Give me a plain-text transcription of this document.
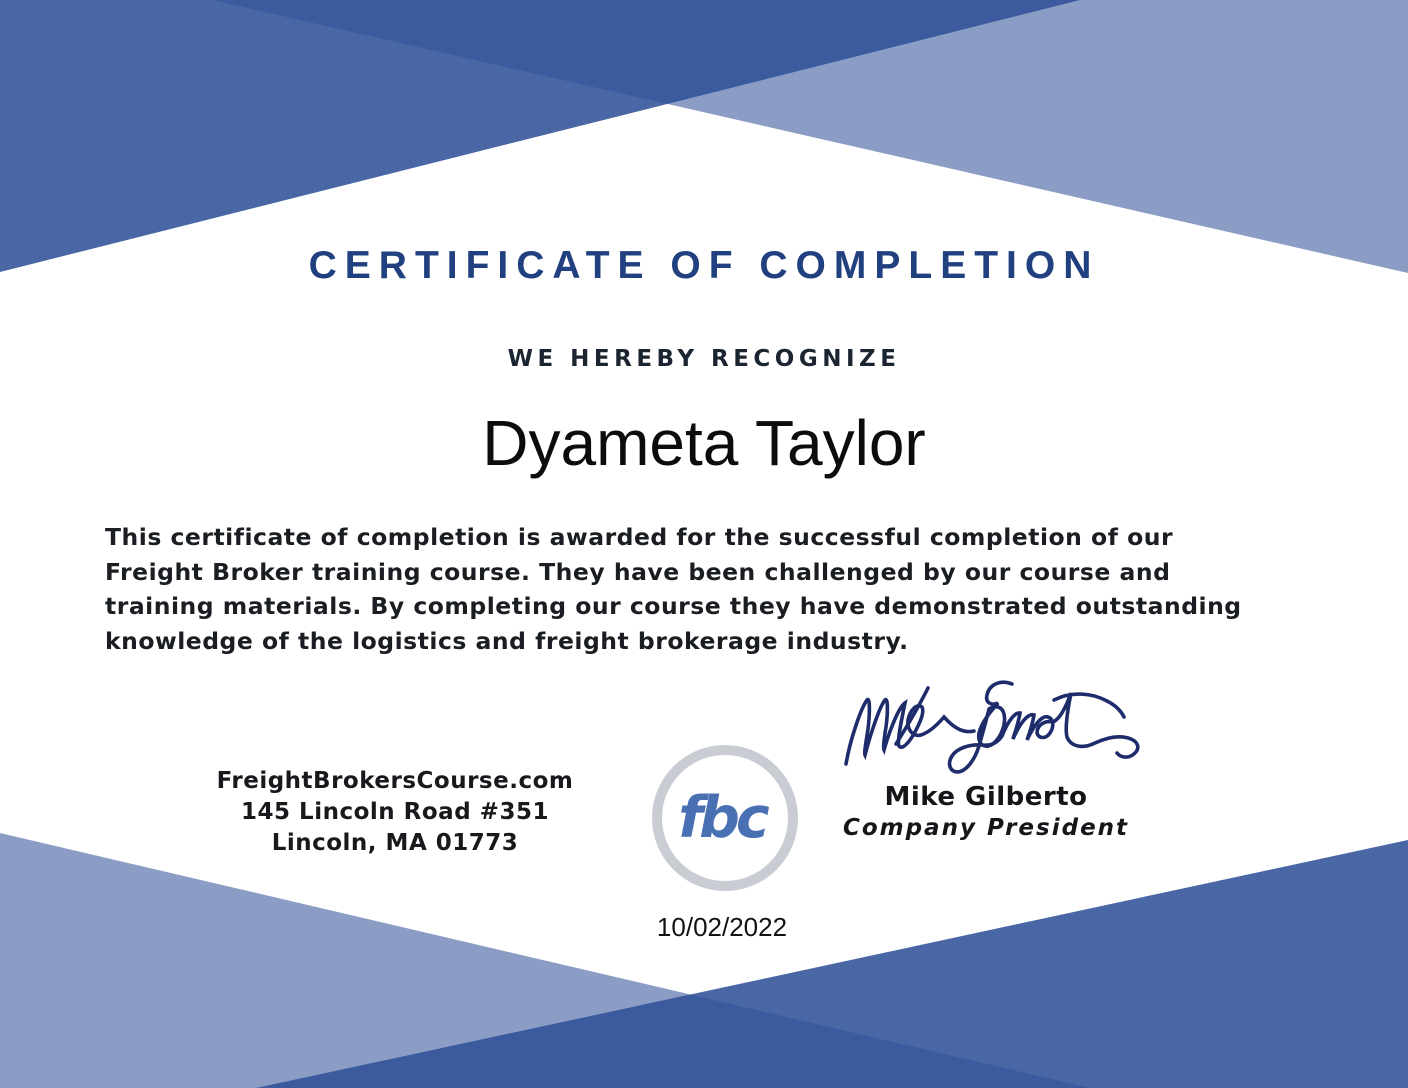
CERTIFICATE OF COMPLETION
WE HEREBY RECOGNIZE
Dyameta Taylor
This certificate of completion is awarded for the successful completion of our
Freight Broker training course. They have been challenged by our course and
training materials. By completing our course they have demonstrated outstanding
knowledge of the logistics and freight brokerage industry.
FreightBrokersCourse.com
145 Lincoln Road #351
Lincoln, MA 01773	fbc	Mike Gilberto
Company President
10/02/2022
